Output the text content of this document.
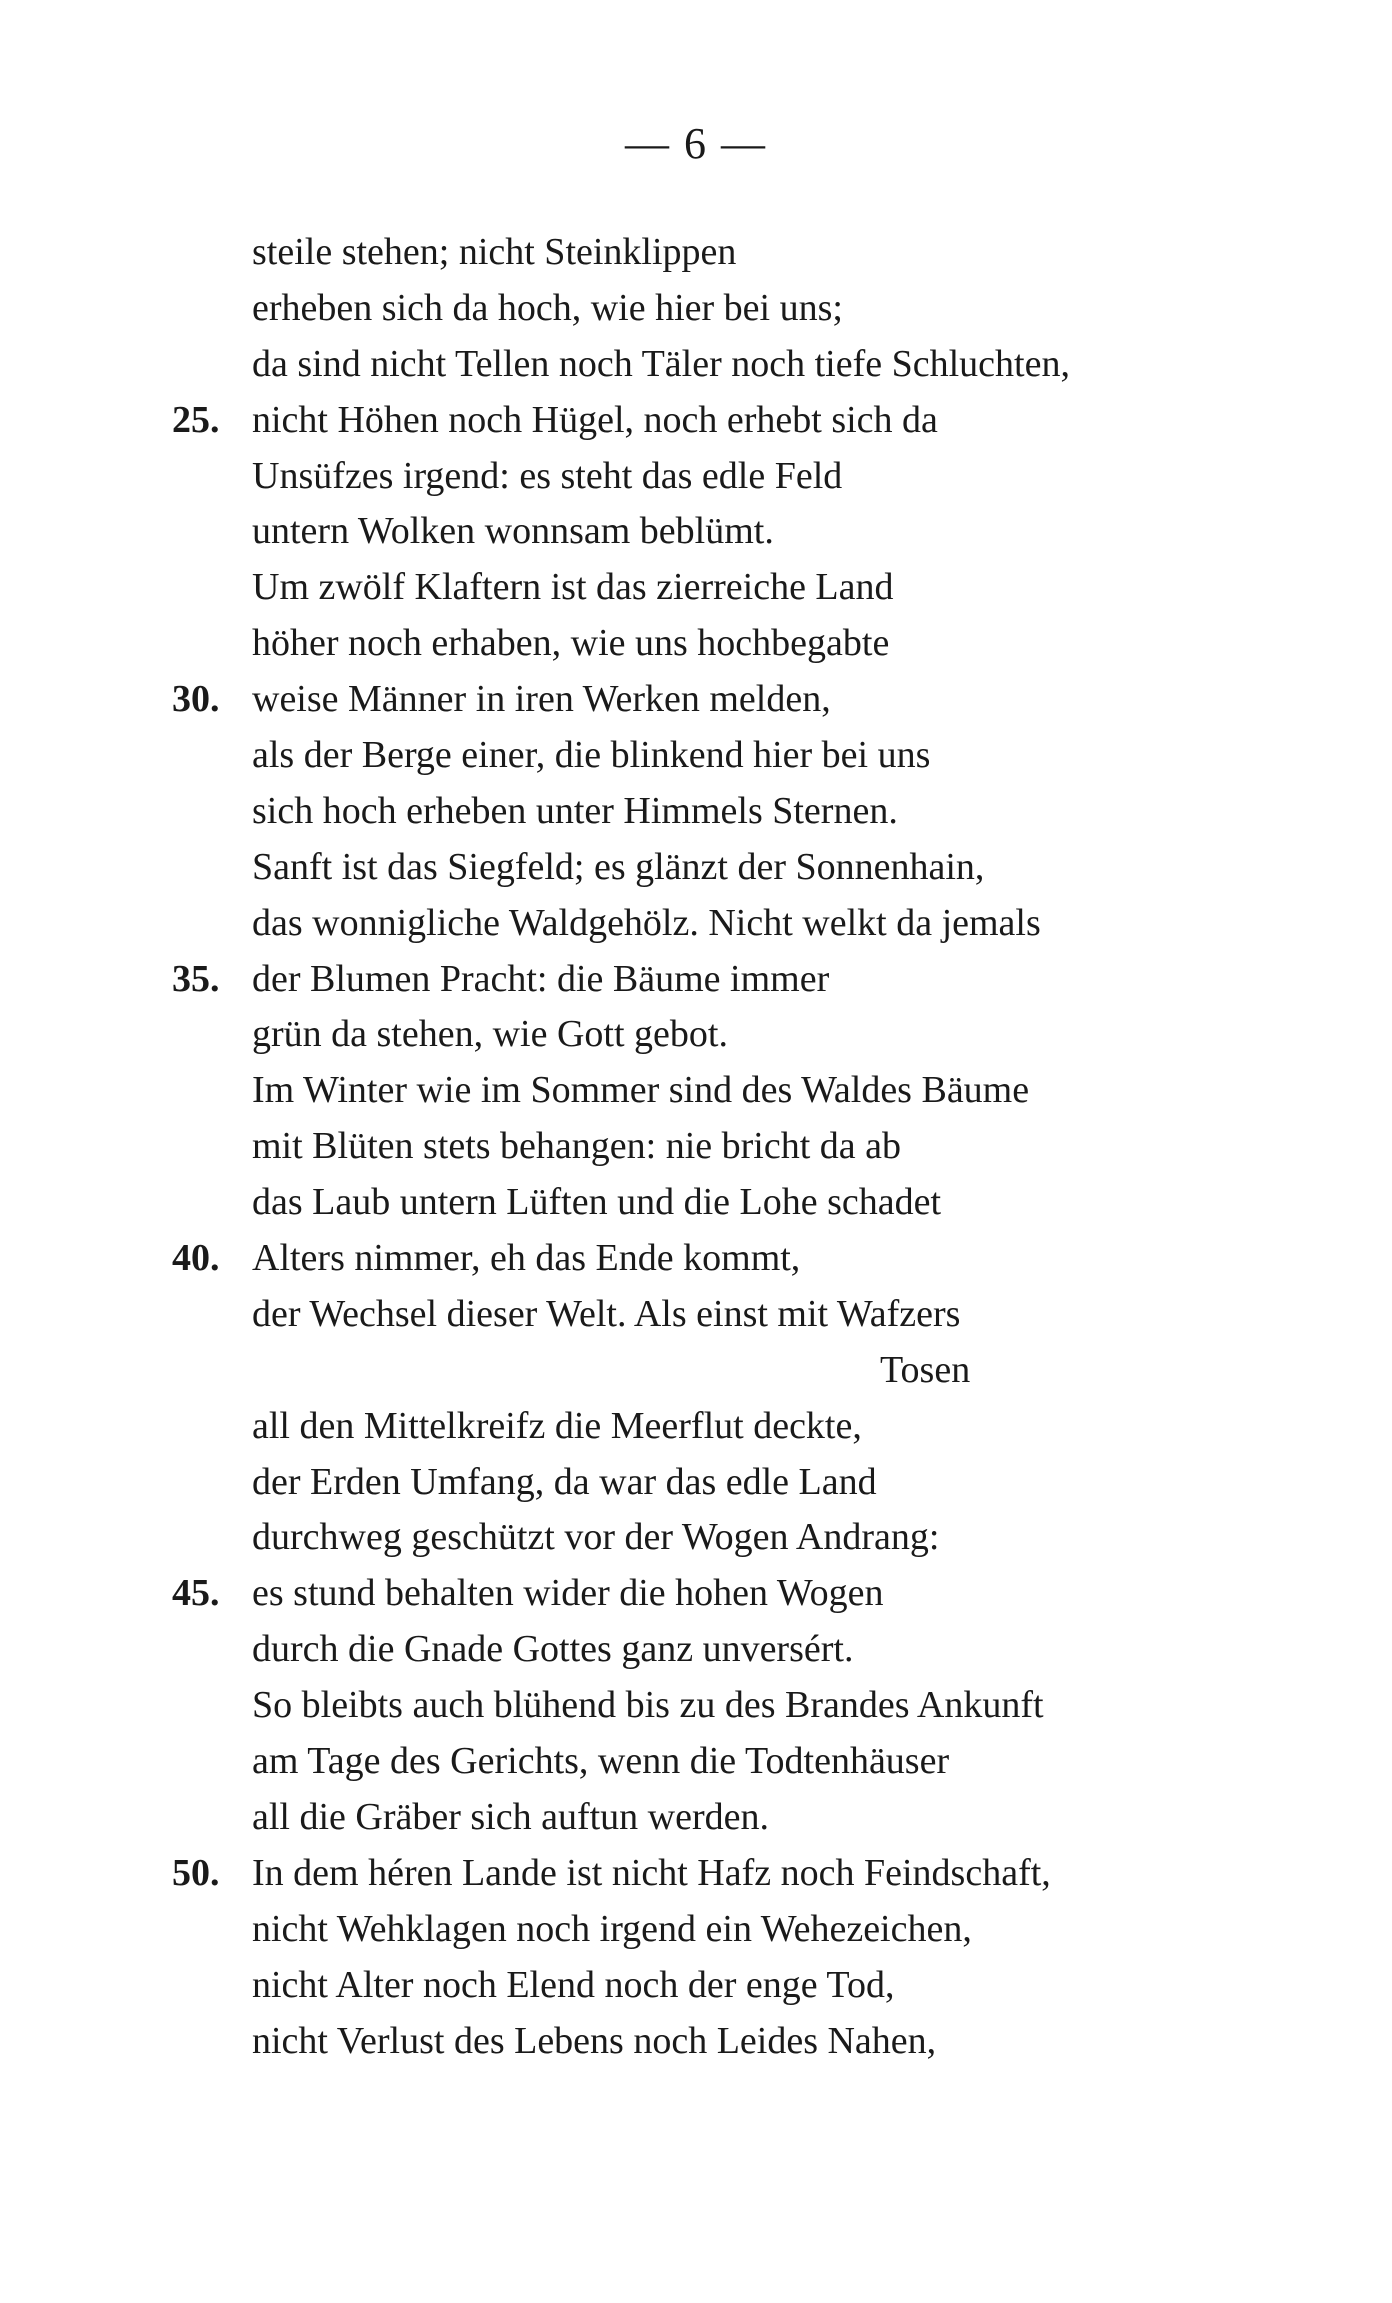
— 6 —
steile stehen; nicht Steinklippen
erheben sich da hoch, wie hier bei uns;
da sind nicht Tellen noch Täler noch tiefe Schluchten,
25. nicht Höhen noch Hügel, noch erhebt sich da
Unsüfzes irgend: es steht das edle Feld
untern Wolken wonnsam beblümt.
Um zwölf Klaftern ist das zierreiche Land
höher noch erhaben, wie uns hochbegabte
30. weise Männer in iren Werken melden,
als der Berge einer, die blinkend hier bei uns
sich hoch erheben unter Himmels Sternen.
Sanft ist das Siegfeld; es glänzt der Sonnenhain,
das wonnigliche Waldgehölz. Nicht welkt da jemals
35. der Blumen Pracht: die Bäume immer
grün da stehen, wie Gott gebot.
Im Winter wie im Sommer sind des Waldes Bäume
mit Blüten stets behangen: nie bricht da ab
das Laub untern Lüften und die Lohe schadet
40. Alters nimmer, eh das Ende kommt,
der Wechsel dieser Welt. Als einst mit Wafzers
Tosen
all den Mittelkreifz die Meerflut deckte,
der Erden Umfang, da war das edle Land
durchweg geschützt vor der Wogen Andrang:
45. es stund behalten wider die hohen Wogen
durch die Gnade Gottes ganz unversért.
So bleibts auch blühend bis zu des Brandes Ankunft
am Tage des Gerichts, wenn die Todtenhäuser
all die Gräber sich auftun werden.
50. In dem héren Lande ist nicht Hafz noch Feindschaft,
nicht Wehklagen noch irgend ein Wehezeichen,
nicht Alter noch Elend noch der enge Tod,
nicht Verlust des Lebens noch Leides Nahen,
